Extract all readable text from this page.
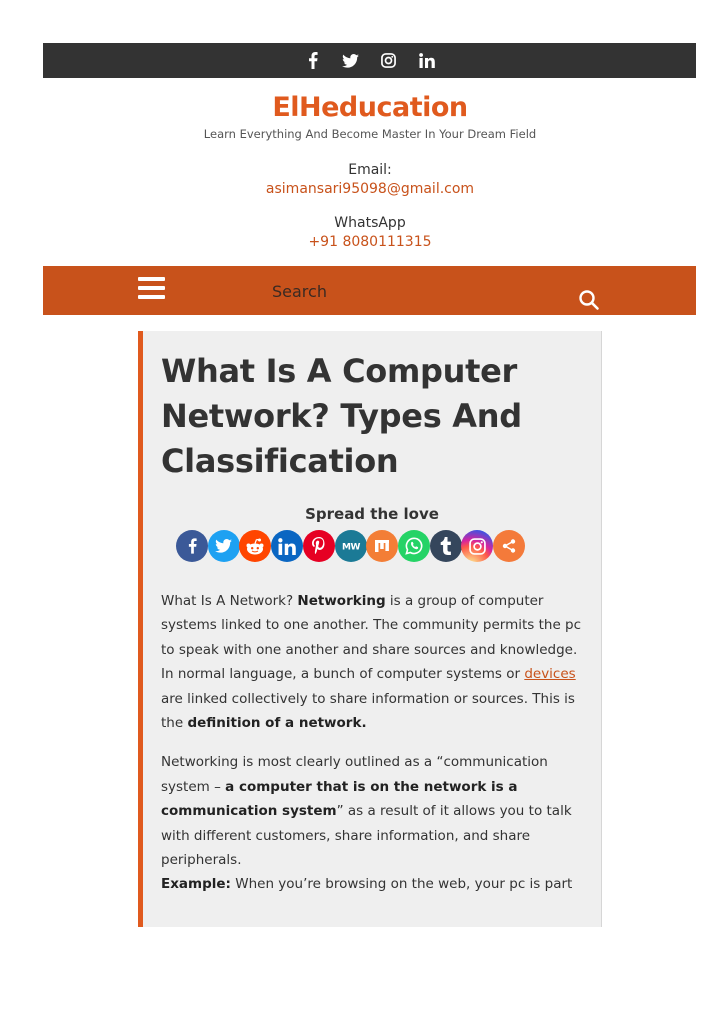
ElHeducation
Learn Everything And Become Master In Your Dream Field
Email:
asimansari95098@gmail.com
WhatsApp
+91 8080111315
Search
What Is A Computer
Network? Types And
Classification
Spread the love
MW

What Is A Network? Networking is a group of computer systems linked to one another. The community permits the pc to speak with one another and share sources and knowledge. In normal language, a bunch of computer systems or devices are linked collectively to share information or sources. This is the definition of a network.

Networking is most clearly outlined as a “communication system – a computer that is on the network is a communication system” as a result of it allows you to talk with different customers, share information, and share peripherals.

Example: When you’re browsing on the web, your pc is part
